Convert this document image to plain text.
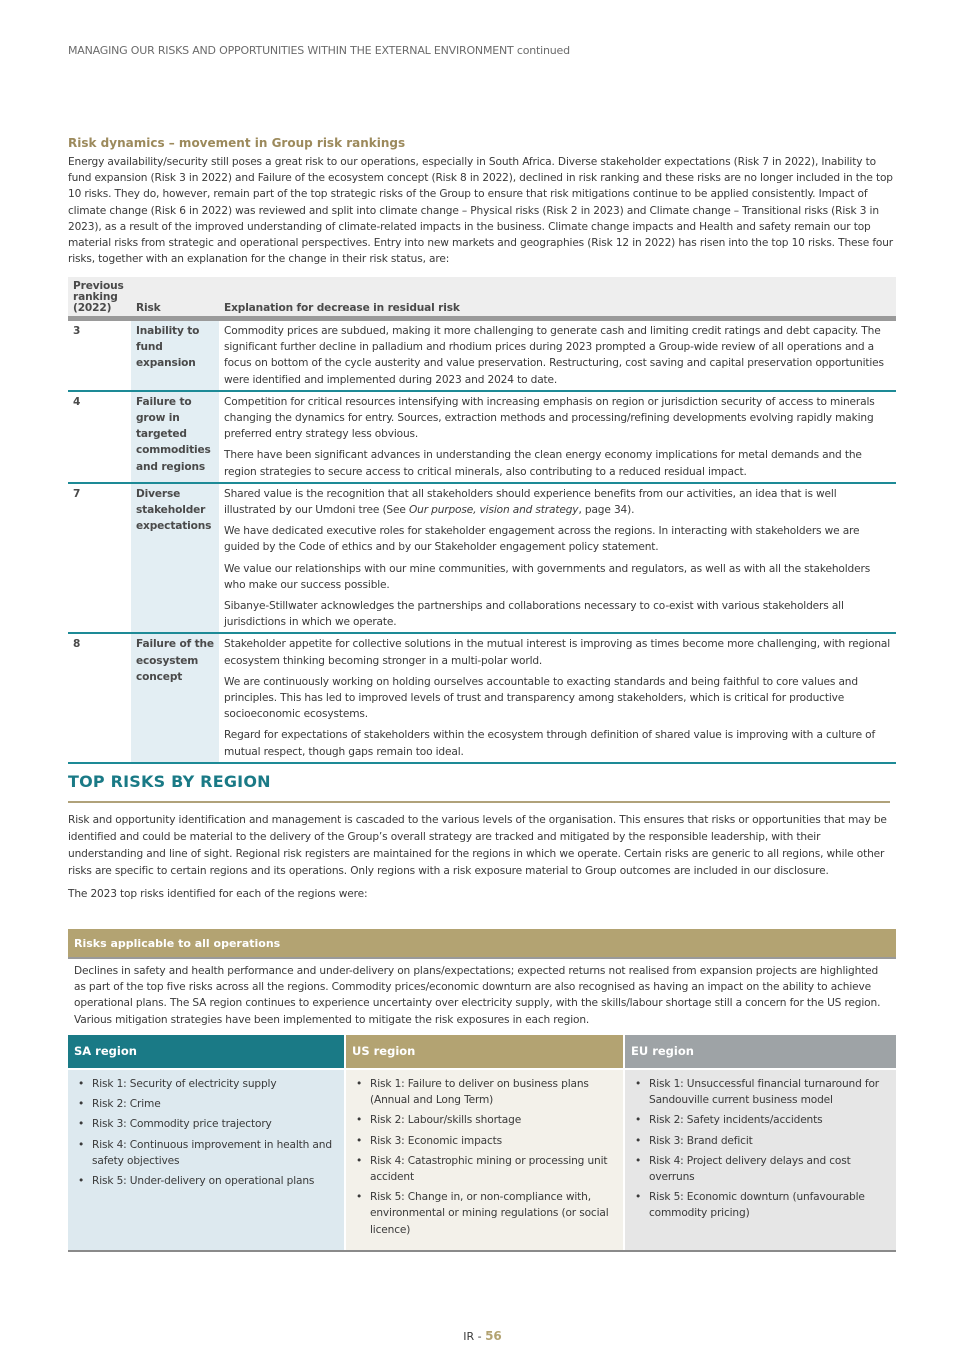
MANAGING OUR RISKS AND OPPORTUNITIES WITHIN THE EXTERNAL ENVIRONMENT continued
Risk dynamics – movement in Group risk rankings
Energy availability/security still poses a great risk to our operations, especially in South Africa. Diverse stakeholder expectations (Risk 7 in 2022), Inability to fund expansion (Risk 3 in 2022) and Failure of the ecosystem concept (Risk 8 in 2022), declined in risk ranking and these risks are no longer included in the top 10 risks. They do, however, remain part of the top strategic risks of the Group to ensure that risk mitigations continue to be applied consistently. Impact of climate change (Risk 6 in 2022) was reviewed and split into climate change – Physical risks (Risk 2 in 2023) and Climate change – Transitional risks (Risk 3 in 2023), as a result of the improved understanding of climate-related impacts in the business. Climate change impacts and Health and safety remain our top material risks from strategic and operational perspectives. Entry into new markets and geographies (Risk 12 in 2022) has risen into the top 10 risks. These four risks, together with an explanation for the change in their risk status, are:
Previous ranking (2022)	Risk	Explanation for decrease in residual risk
3	Inability to fund expansion	Commodity prices are subdued, making it more challenging to generate cash and limiting credit ratings and debt capacity. The significant further decline in palladium and rhodium prices during 2023 prompted a Group-wide review of all operations and a focus on bottom of the cycle austerity and value preservation. Restructuring, cost saving and capital preservation opportunities were identified and implemented during 2023 and 2024 to date.

4	Failure to grow in targeted commodities and regions	Competition for critical resources intensifying with increasing emphasis on region or jurisdiction security of access to minerals changing the dynamics for entry. Sources, extraction methods and processing/refining developments evolving rapidly making preferred entry strategy less obvious.

There have been significant advances in understanding the clean energy economy implications for metal demands and the region strategies to secure access to critical minerals, also contributing to a reduced residual impact.

7	Diverse stakeholder expectations	Shared value is the recognition that all stakeholders should experience benefits from our activities, an idea that is well illustrated by our Umdoni tree (See Our purpose, vision and strategy, page 34).

We have dedicated executive roles for stakeholder engagement across the regions. In interacting with stakeholders we are guided by the Code of ethics and by our Stakeholder engagement policy statement.

We value our relationships with our mine communities, with governments and regulators, as well as with all the stakeholders who make our success possible.

Sibanye-Stillwater acknowledges the partnerships and collaborations necessary to co-exist with various stakeholders all jurisdictions in which we operate.

8	Failure of the ecosystem concept	Stakeholder appetite for collective solutions in the mutual interest is improving as times become more challenging, with regional ecosystem thinking becoming stronger in a multi-polar world.

We are continuously working on holding ourselves accountable to exacting standards and being faithful to core values and principles. This has led to improved levels of trust and transparency among stakeholders, which is critical for productive socioeconomic ecosystems.

Regard for expectations of stakeholders within the ecosystem through definition of shared value is improving with a culture of mutual respect, though gaps remain too ideal.

TOP RISKS BY REGION

Risk and opportunity identification and management is cascaded to the various levels of the organisation. This ensures that risks or opportunities that may be identified and could be material to the delivery of the Group’s overall strategy are tracked and mitigated by the responsible leadership, with their understanding and line of sight. Regional risk registers are maintained for the regions in which we operate. Certain risks are generic to all regions, while other risks are specific to certain regions and its operations. Only regions with a risk exposure material to Group outcomes are included in our disclosure.

The 2023 top risks identified for each of the regions were:

Risks applicable to all operations
Declines in safety and health performance and under-delivery on plans/expectations; expected returns not realised from expansion projects are highlighted as part of the top five risks across all the regions. Commodity prices/economic downturn are also recognised as having an impact on the ability to achieve operational plans. The SA region continues to experience uncertainty over electricity supply, with the skills/labour shortage still a concern for the US region. Various mitigation strategies have been implemented to mitigate the risk exposures in each region.
SA region
• Risk 1: Security of electricity supply
• Risk 2: Crime
• Risk 3: Commodity price trajectory
• Risk 4: Continuous improvement in health and safety objectives
• Risk 5: Under-delivery on operational plans
US region
• Risk 1: Failure to deliver on business plans (Annual and Long Term)
• Risk 2: Labour/skills shortage
• Risk 3: Economic impacts
• Risk 4: Catastrophic mining or processing unit accident
• Risk 5: Change in, or non-compliance with, environmental or mining regulations (or social licence)
EU region
• Risk 1: Unsuccessful financial turnaround for Sandouville current business model
• Risk 2: Safety incidents/accidents
• Risk 3: Brand deficit
• Risk 4: Project delivery delays and cost overruns
• Risk 5: Economic downturn (unfavourable commodity pricing)
IR - 56
